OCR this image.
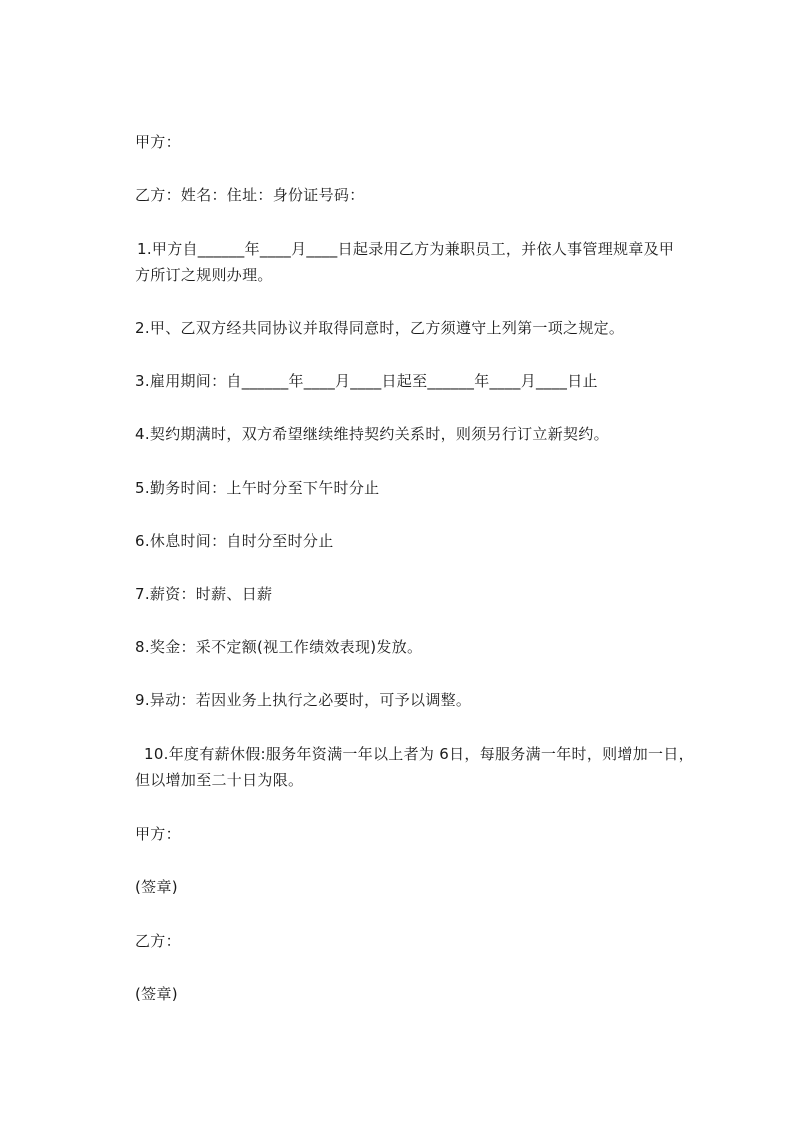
甲方：
乙方：姓名：住址：身份证号码：
1.甲方自______年____月____日起录用乙方为兼职员工，并依人事管理规章及甲
方所订之规则办理。
2.甲、乙双方经共同协议并取得同意时，乙方须遵守上列第一项之规定。
3.雇用期间：自______年____月____日起至______年____月____日止
4.契约期满时，双方希望继续维持契约关系时，则须另行订立新契约。
5.勤务时间：上午时分至下午时分止
6.休息时间：自时分至时分止
7.薪资：时薪、日薪
8.奖金：采不定额(视工作绩效表现)发放。
9.异动：若因业务上执行之必要时，可予以调整。
10.年度有薪休假:服务年资满一年以上者为 6日，每服务满一年时，则增加一日，
但以增加至二十日为限。
甲方：
(签章)
乙方：
(签章)
